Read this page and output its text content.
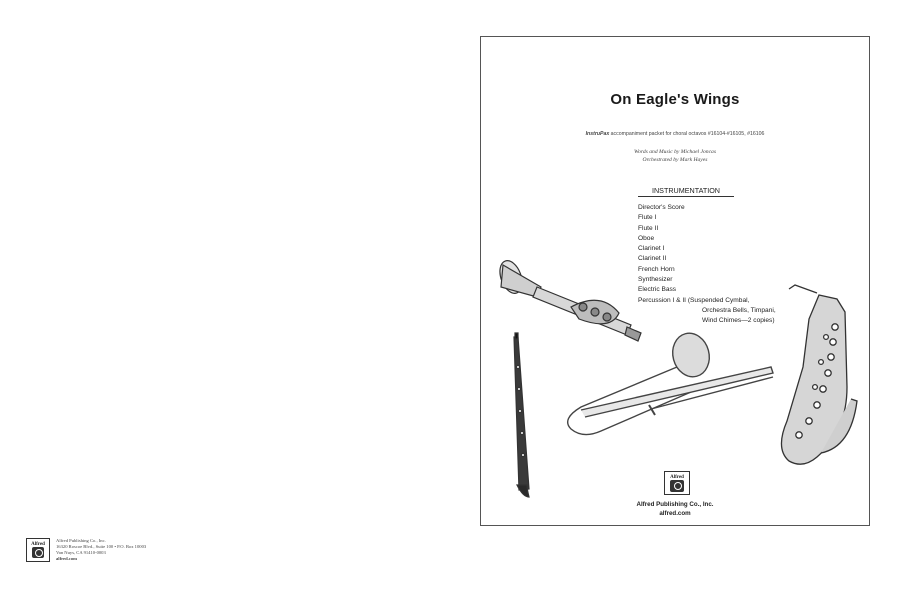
Alfred
Alfred Publishing Co., Inc.
16320 Roscoe Blvd., Suite 100 • P.O. Box 10003
Van Nuys, CA 91410-0003
alfred.com
On Eagle's Wings
InstruPax accompaniment packet for choral octavos #16104-#16105, #16106
Words and Music by Michael Joncas
Orchestrated by Mark Hayes
INSTRUMENTATION
Director's Score
Flute I
Flute II
Oboe
Clarinet I
Clarinet II
French Horn
Synthesizer
Electric Bass
Percussion I & II (Suspended Cymbal,
Orchestra Bells, Timpani,
Wind Chimes—2 copies)
Alfred
Alfred Publishing Co., Inc.
alfred.com
